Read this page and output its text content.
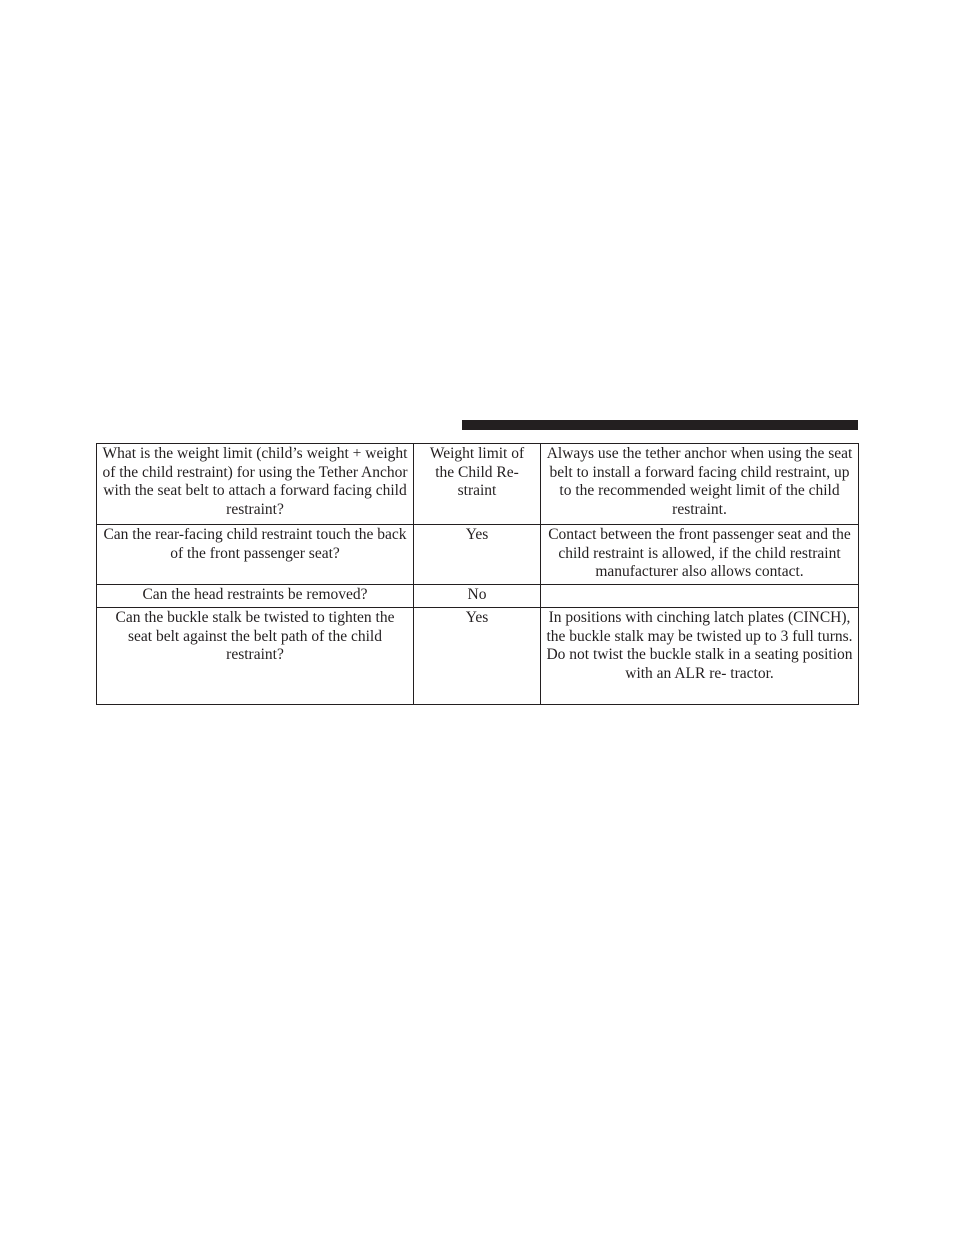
What is the weight limit (child’s weight + weight of the child restraint) for using the Tether Anchor with the seat belt to attach a forward facing child restraint?	Weight limit of the Child Re- straint	Always use the tether anchor when using the seat belt to install a forward facing child restraint, up to the recommended weight limit of the child restraint.
Can the rear-facing child restraint touch the back of the front passenger seat?	Yes	Contact between the front passenger seat and the child restraint is allowed, if the child restraint manufacturer also allows contact.
Can the head restraints be removed?	No	
Can the buckle stalk be twisted to tighten the seat belt against the belt path of the child restraint?	Yes	In positions with cinching latch plates (CINCH), the buckle stalk may be twisted up to 3 full turns. Do not twist the buckle stalk in a seating position with an ALR re- tractor.
